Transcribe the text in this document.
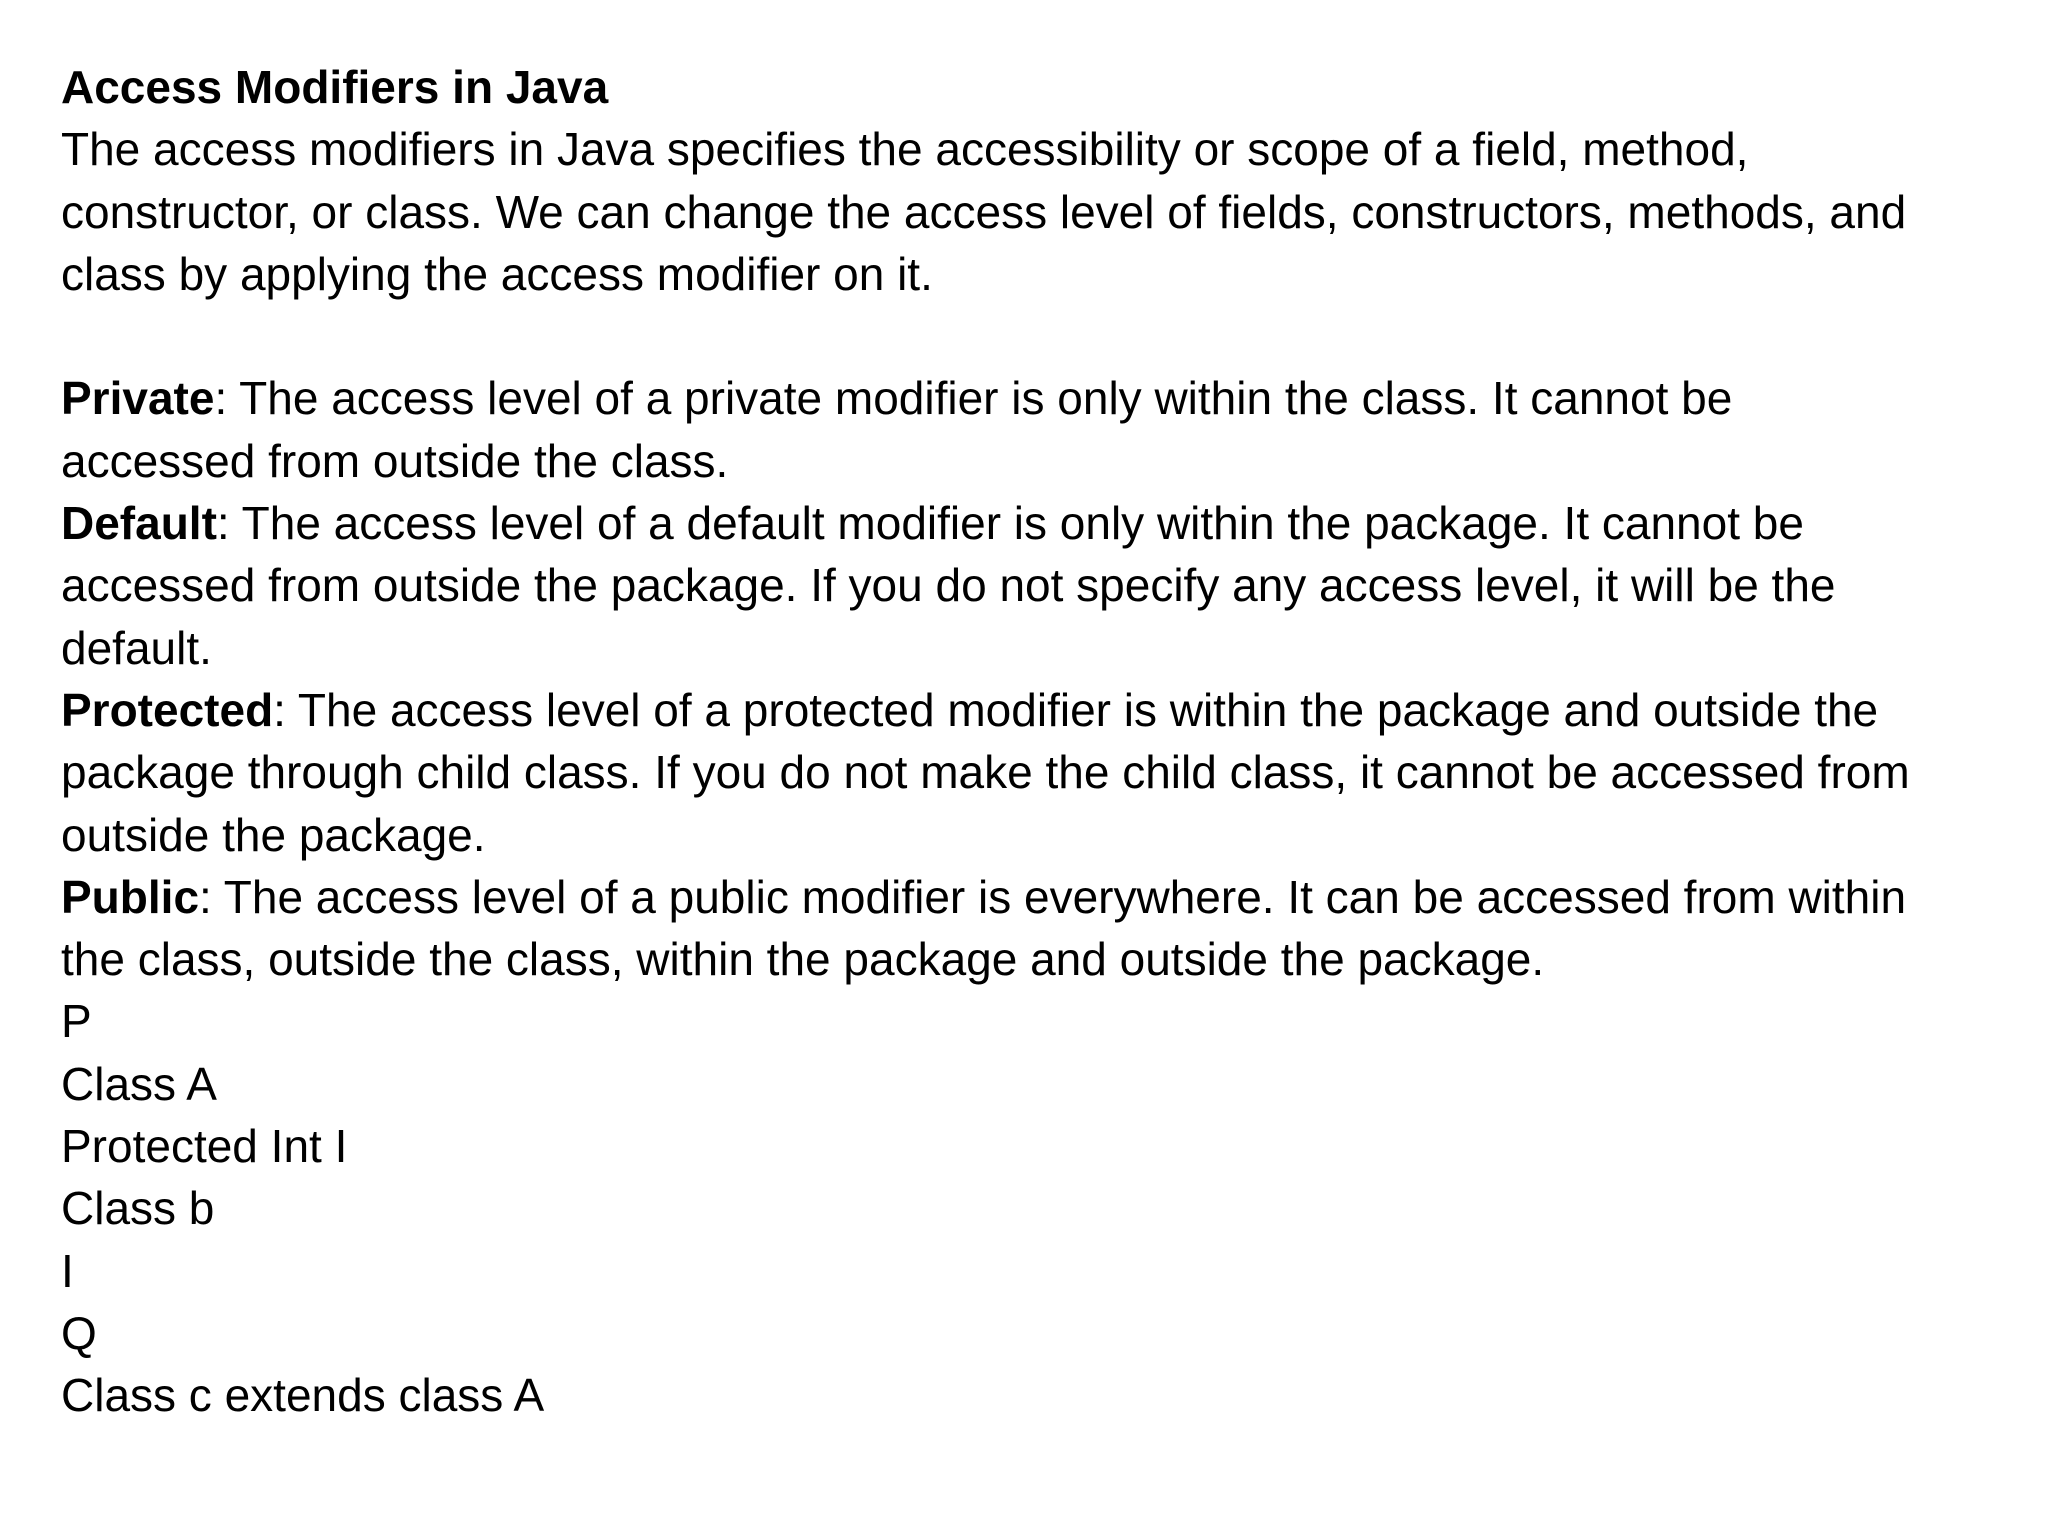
Access Modifiers in Java
The access modifiers in Java specifies the accessibility or scope of a field, method,
constructor, or class. We can change the access level of fields, constructors, methods, and
class by applying the access modifier on it.
Private: The access level of a private modifier is only within the class. It cannot be
accessed from outside the class.
Default: The access level of a default modifier is only within the package. It cannot be
accessed from outside the package. If you do not specify any access level, it will be the
default.
Protected: The access level of a protected modifier is within the package and outside the
package through child class. If you do not make the child class, it cannot be accessed from
outside the package.
Public: The access level of a public modifier is everywhere. It can be accessed from within
the class, outside the class, within the package and outside the package.
P
Class A
Protected Int I
Class b
I
Q
Class c extends class A
